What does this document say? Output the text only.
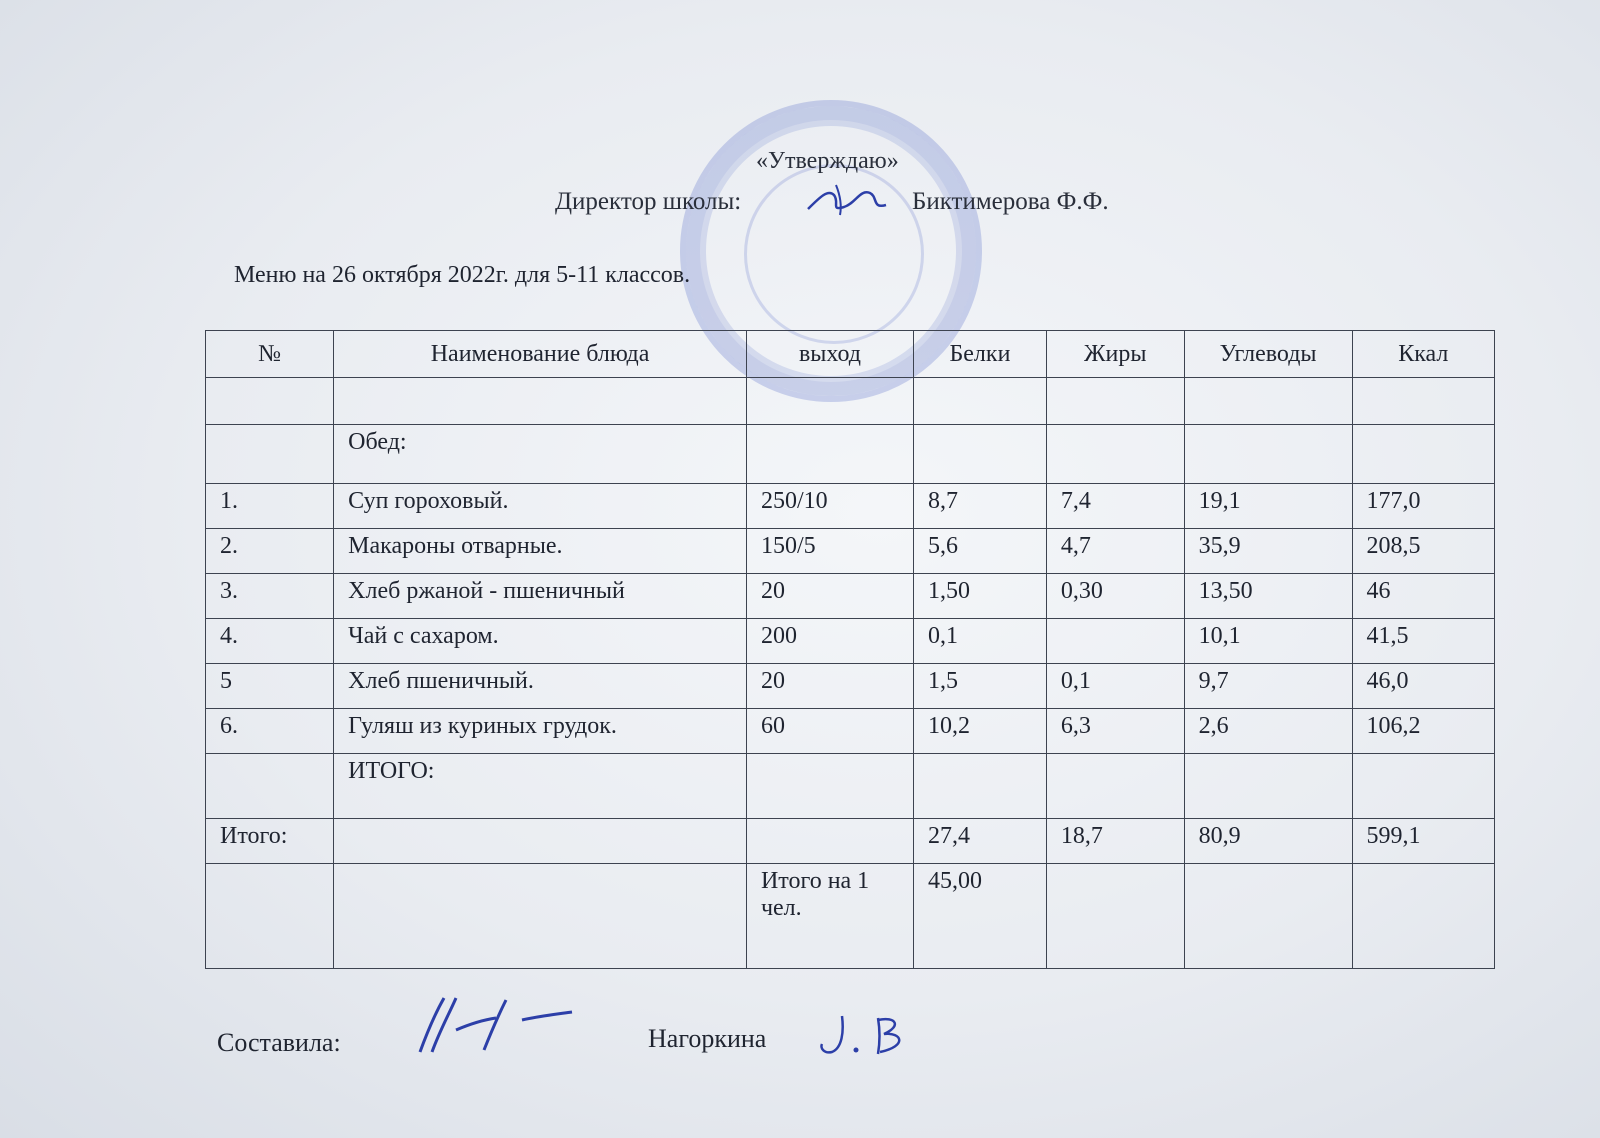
«Утверждаю»
Директор школы:	Биктимерова Ф.Ф.
Меню на 26 октября 2022г. для 5-11 классов.
№	Наименование блюда	выход	Белки	Жиры	Углеводы	Ккал

	Обед:					
1.	Суп гороховый.	250/10	8,7	7,4	19,1	177,0
2.	Макароны отварные.	150/5	5,6	4,7	35,9	208,5
3.	Хлеб ржаной - пшеничный	20	1,50	0,30	13,50	46
4.	Чай с сахаром.	200	0,1		10,1	41,5
5	Хлеб пшеничный.	20	1,5	0,1	9,7	46,0
6.	Гуляш из куриных грудок.	60	10,2	6,3	2,6	106,2
	ИТОГО:					
Итого:			27,4	18,7	80,9	599,1
		Итого на 1 чел.	45,00			
Составила:	Нагоркина
